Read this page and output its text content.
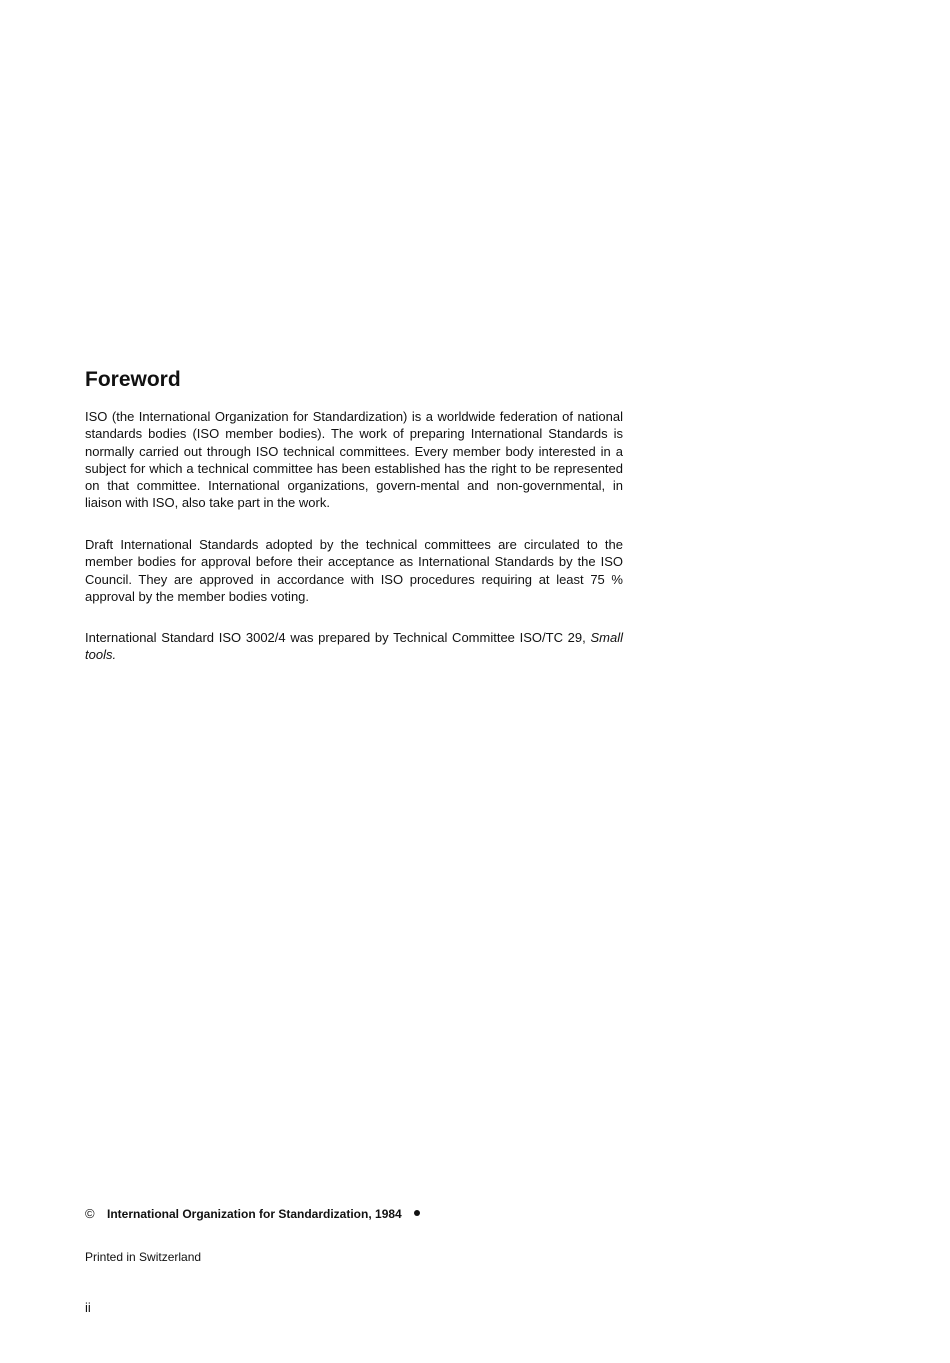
Foreword

ISO (the International Organization for Standardization) is a worldwide federation of national standards bodies (ISO member bodies). The work of preparing International Standards is normally carried out through ISO technical committees. Every member body interested in a subject for which a technical committee has been established has the right to be represented on that committee. International organizations, govern-mental and non-governmental, in liaison with ISO, also take part in the work.

Draft International Standards adopted by the technical committees are circulated to the member bodies for approval before their acceptance as International Standards by the ISO Council. They are approved in accordance with ISO procedures requiring at least 75 % approval by the member bodies voting.

International Standard ISO 3002/4 was prepared by Technical Committee ISO/TC 29, Small tools.

© International Organization for Standardization, 1984
Printed in Switzerland
ii
